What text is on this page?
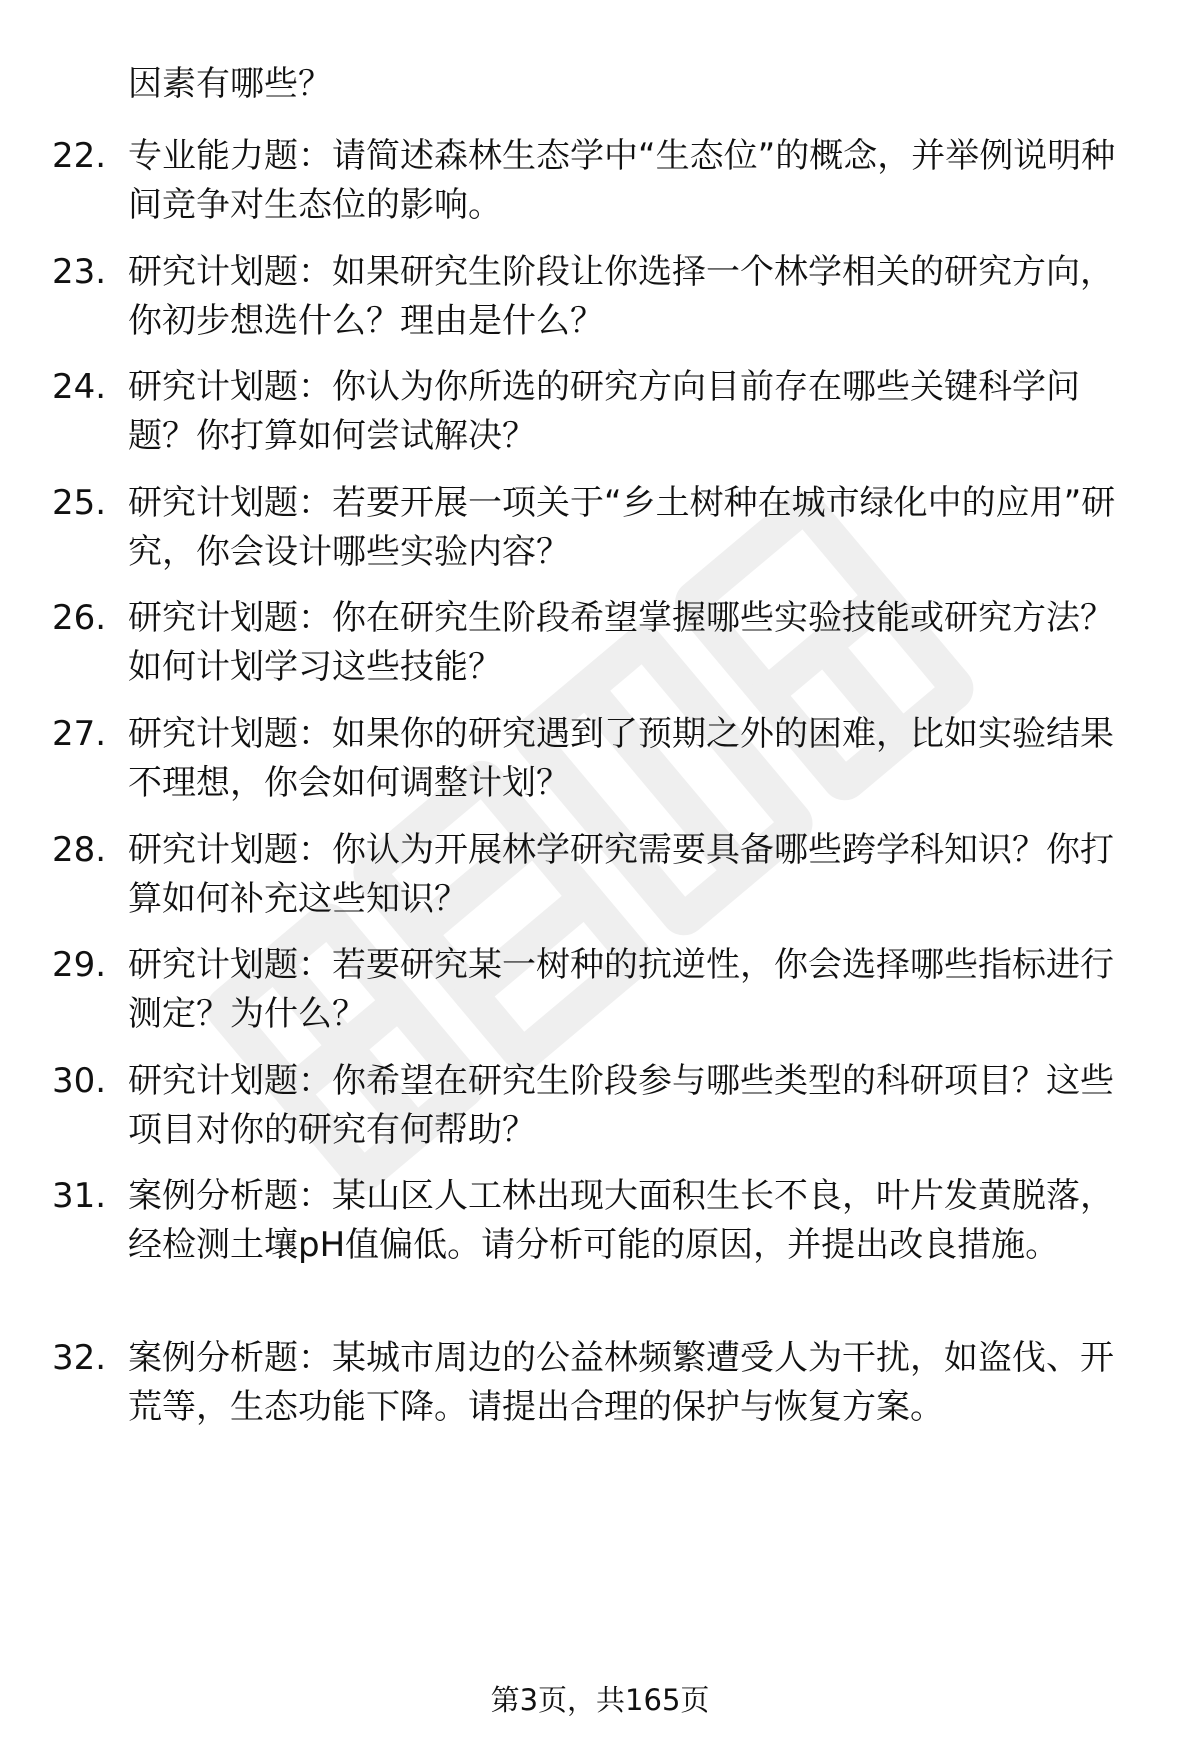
因素有哪些？

22. 专业能力题：请简述森林生态学中“生态位”的概念，并举例说明种间竞争对生态位的影响。

23. 研究计划题：如果研究生阶段让你选择一个林学相关的研究方向，你初步想选什么？理由是什么？

24. 研究计划题：你认为你所选的研究方向目前存在哪些关键科学问题？你打算如何尝试解决？

25. 研究计划题：若要开展一项关于“乡土树种在城市绿化中的应用”研究，你会设计哪些实验内容？

26. 研究计划题：你在研究生阶段希望掌握哪些实验技能或研究方法？如何计划学习这些技能？

27. 研究计划题：如果你的研究遇到了预期之外的困难，比如实验结果不理想，你会如何调整计划？

28. 研究计划题：你认为开展林学研究需要具备哪些跨学科知识？你打算如何补充这些知识？

29. 研究计划题：若要研究某一树种的抗逆性，你会选择哪些指标进行测定？为什么？

30. 研究计划题：你希望在研究生阶段参与哪些类型的科研项目？这些项目对你的研究有何帮助？

31. 案例分析题：某山区人工林出现大面积生长不良，叶片发黄脱落，经检测土壤pH值偏低。请分析可能的原因，并提出改良措施。

32. 案例分析题：某城市周边的公益林频繁遭受人为干扰，如盗伐、开荒等，生态功能下降。请提出合理的保护与恢复方案。

第3页，共165页
